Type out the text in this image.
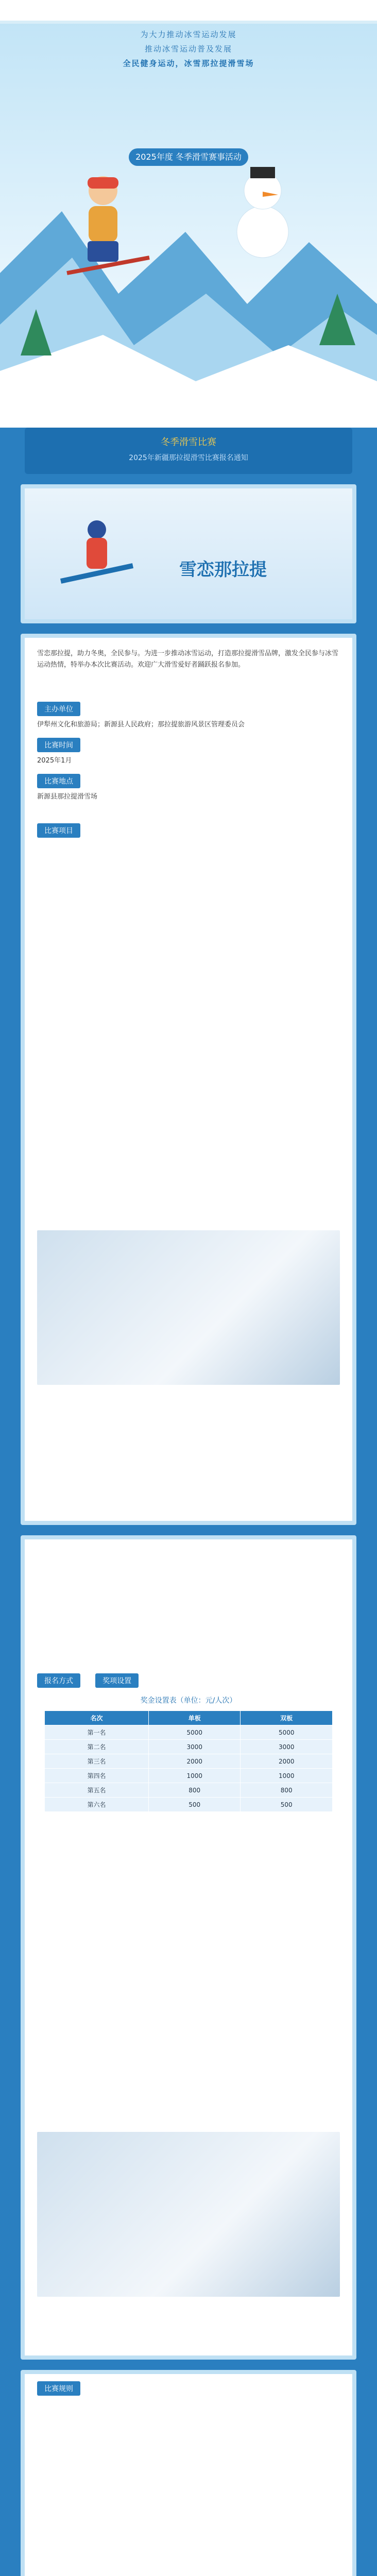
为大力推动冰雪运动发展
推动冰雪运动普及发展
全民健身运动，冰雪那拉提滑雪场
2025年度 冬季滑雪赛事活动
冬季滑雪比赛
2025年新疆那拉提滑雪比赛报名通知
雪恋那拉提

雪恋那拉提，助力冬奥，全民参与。为进一步推动冰雪运动，打造那拉提滑雪品牌，激发全民参与冰雪运动热情，特举办本次比赛活动。欢迎广大滑雪爱好者踊跃报名参加。

主办单位

伊犁州文化和旅游局；新源县人民政府；那拉提旅游风景区管理委员会

比赛时间

2025年1月

比赛地点

新源县那拉提滑雪场

比赛项目
报名方式	奖项设置
奖金设置表（单位：元/人次）
名次	单板	双板
第一名	5000	5000
第二名	3000	3000
第三名	2000	2000
第四名	1000	1000
第五名	800	800
第六名	500	500
比赛规则
